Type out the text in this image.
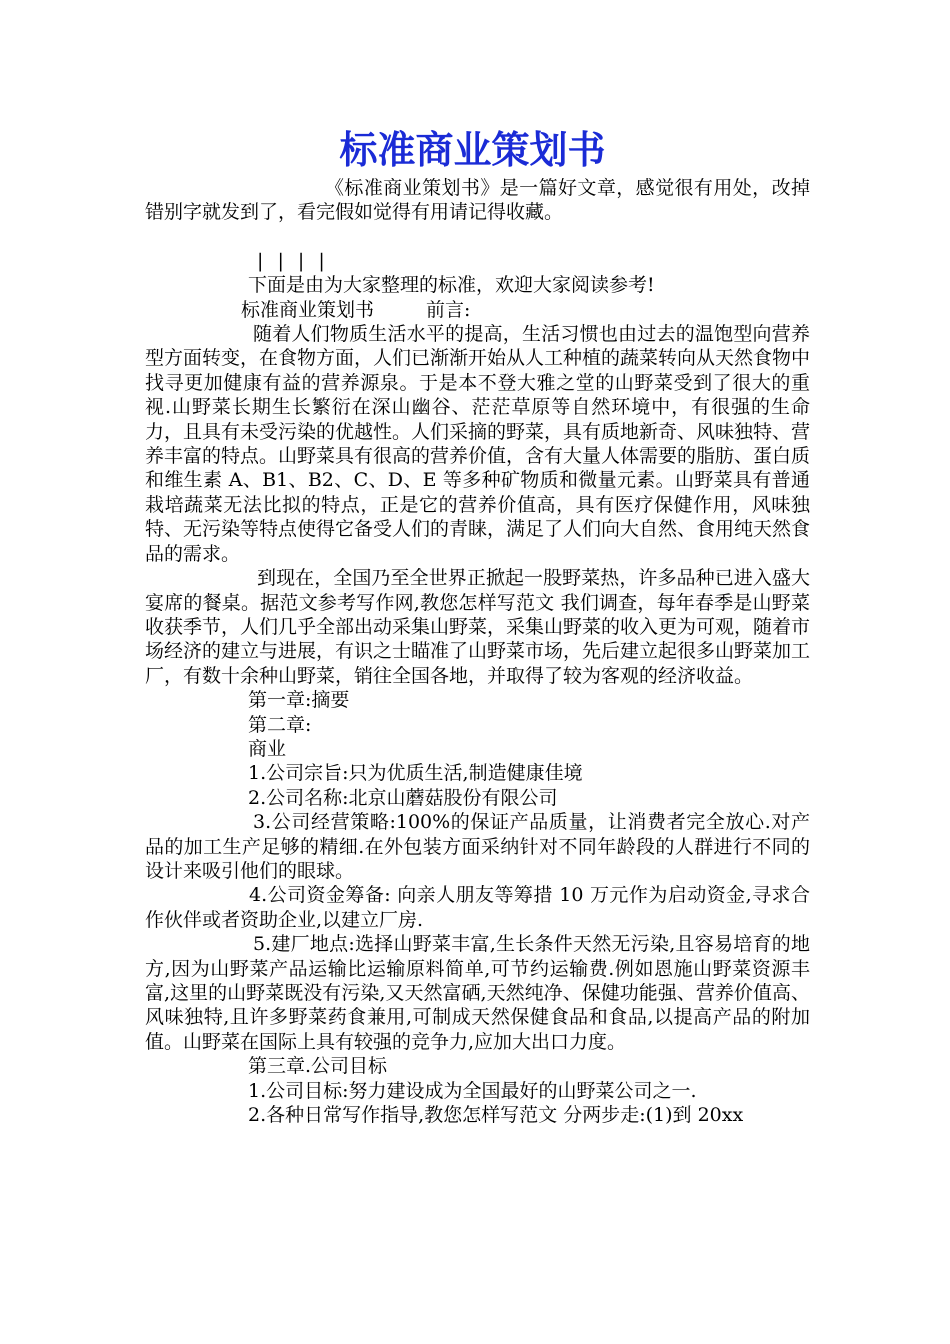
标准商业策划书

《标准商业策划书》是一篇好文章，感觉很有用处，改掉错别字就发到了，看完假如觉得有用请记得收藏。

| | | |

下面是由为大家整理的标准，欢迎大家阅读参考!

标准商业策划书	前言:

随着人们物质生活水平的提高，生活习惯也由过去的温饱型向营养型方面转变，在食物方面，人们已渐渐开始从人工种植的蔬菜转向从天然食物中找寻更加健康有益的营养源泉。于是本不登大雅之堂的山野菜受到了很大的重视.山野菜长期生长繁衍在深山幽谷、茫茫草原等自然环境中，有很强的生命力，且具有未受污染的优越性。人们采摘的野菜，具有质地新奇、风味独特、营养丰富的特点。山野菜具有很高的营养价值，含有大量人体需要的脂肪、蛋白质和维生素 A、B1、B2、C、D、E 等多种矿物质和微量元素。山野菜具有普通栽培蔬菜无法比拟的特点，正是它的营养价值高，具有医疗保健作用，风味独特、无污染等特点使得它备受人们的青睐，满足了人们向大自然、食用纯天然食品的需求。

到现在，全国乃至全世界正掀起一股野菜热，许多品种已进入盛大宴席的餐桌。据范文参考写作网,教您怎样写范文 我们调查，每年春季是山野菜收获季节，人们几乎全部出动采集山野菜，采集山野菜的收入更为可观，随着市场经济的建立与进展，有识之士瞄准了山野菜市场，先后建立起很多山野菜加工厂，有数十余种山野菜，销往全国各地，并取得了较为客观的经济收益。

第一章:摘要

第二章:

商业

1.公司宗旨:只为优质生活,制造健康佳境

2.公司名称:北京山蘑菇股份有限公司

3.公司经营策略:100%的保证产品质量，让消费者完全放心.对产品的加工生产足够的精细.在外包装方面采纳针对不同年龄段的人群进行不同的设计来吸引他们的眼球。

4.公司资金筹备: 向亲人朋友等筹措 10 万元作为启动资金,寻求合作伙伴或者资助企业,以建立厂房.

5.建厂地点:选择山野菜丰富,生长条件天然无污染,且容易培育的地方,因为山野菜产品运输比运输原料简单,可节约运输费.例如恩施山野菜资源丰富,这里的山野菜既没有污染,又天然富硒,天然纯净、保健功能强、营养价值高、风味独特,且许多野菜药食兼用,可制成天然保健食品和食品,以提高产品的附加值。山野菜在国际上具有较强的竞争力,应加大出口力度。

第三章.公司目标

1.公司目标:努力建设成为全国最好的山野菜公司之一.

2.各种日常写作指导,教您怎样写范文 分两步走:(1)到 20xx
